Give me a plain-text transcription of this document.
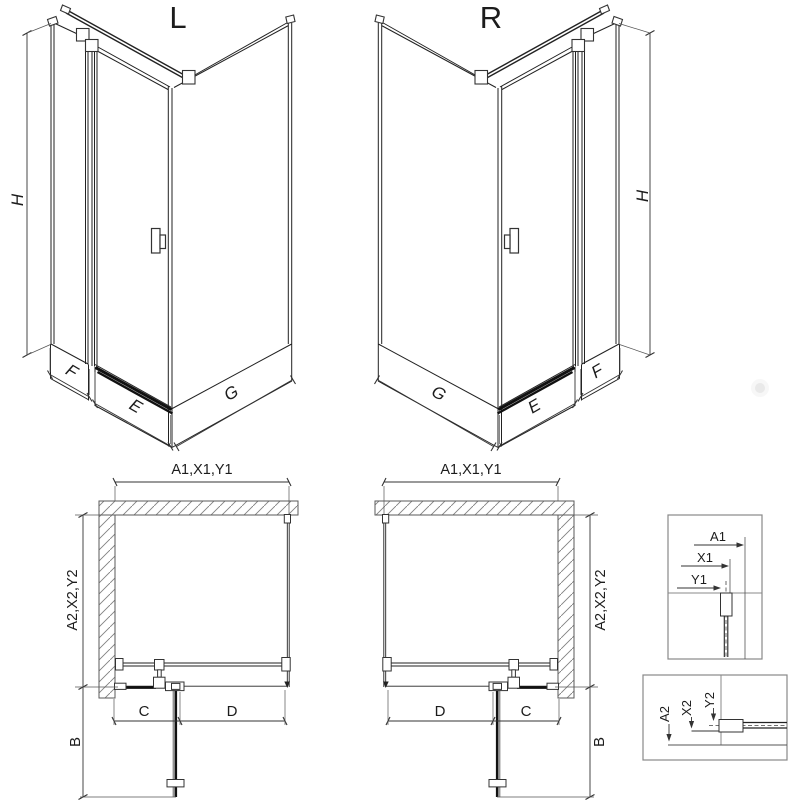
L
H
F
E
G
R
H
F
E
G
A1,X1,Y1
A2,X2,Y2
C	D
B
A1,X1,Y1
A2,X2,Y2
D	C
B
A1
X1
Y1
A2 X2
Y2
